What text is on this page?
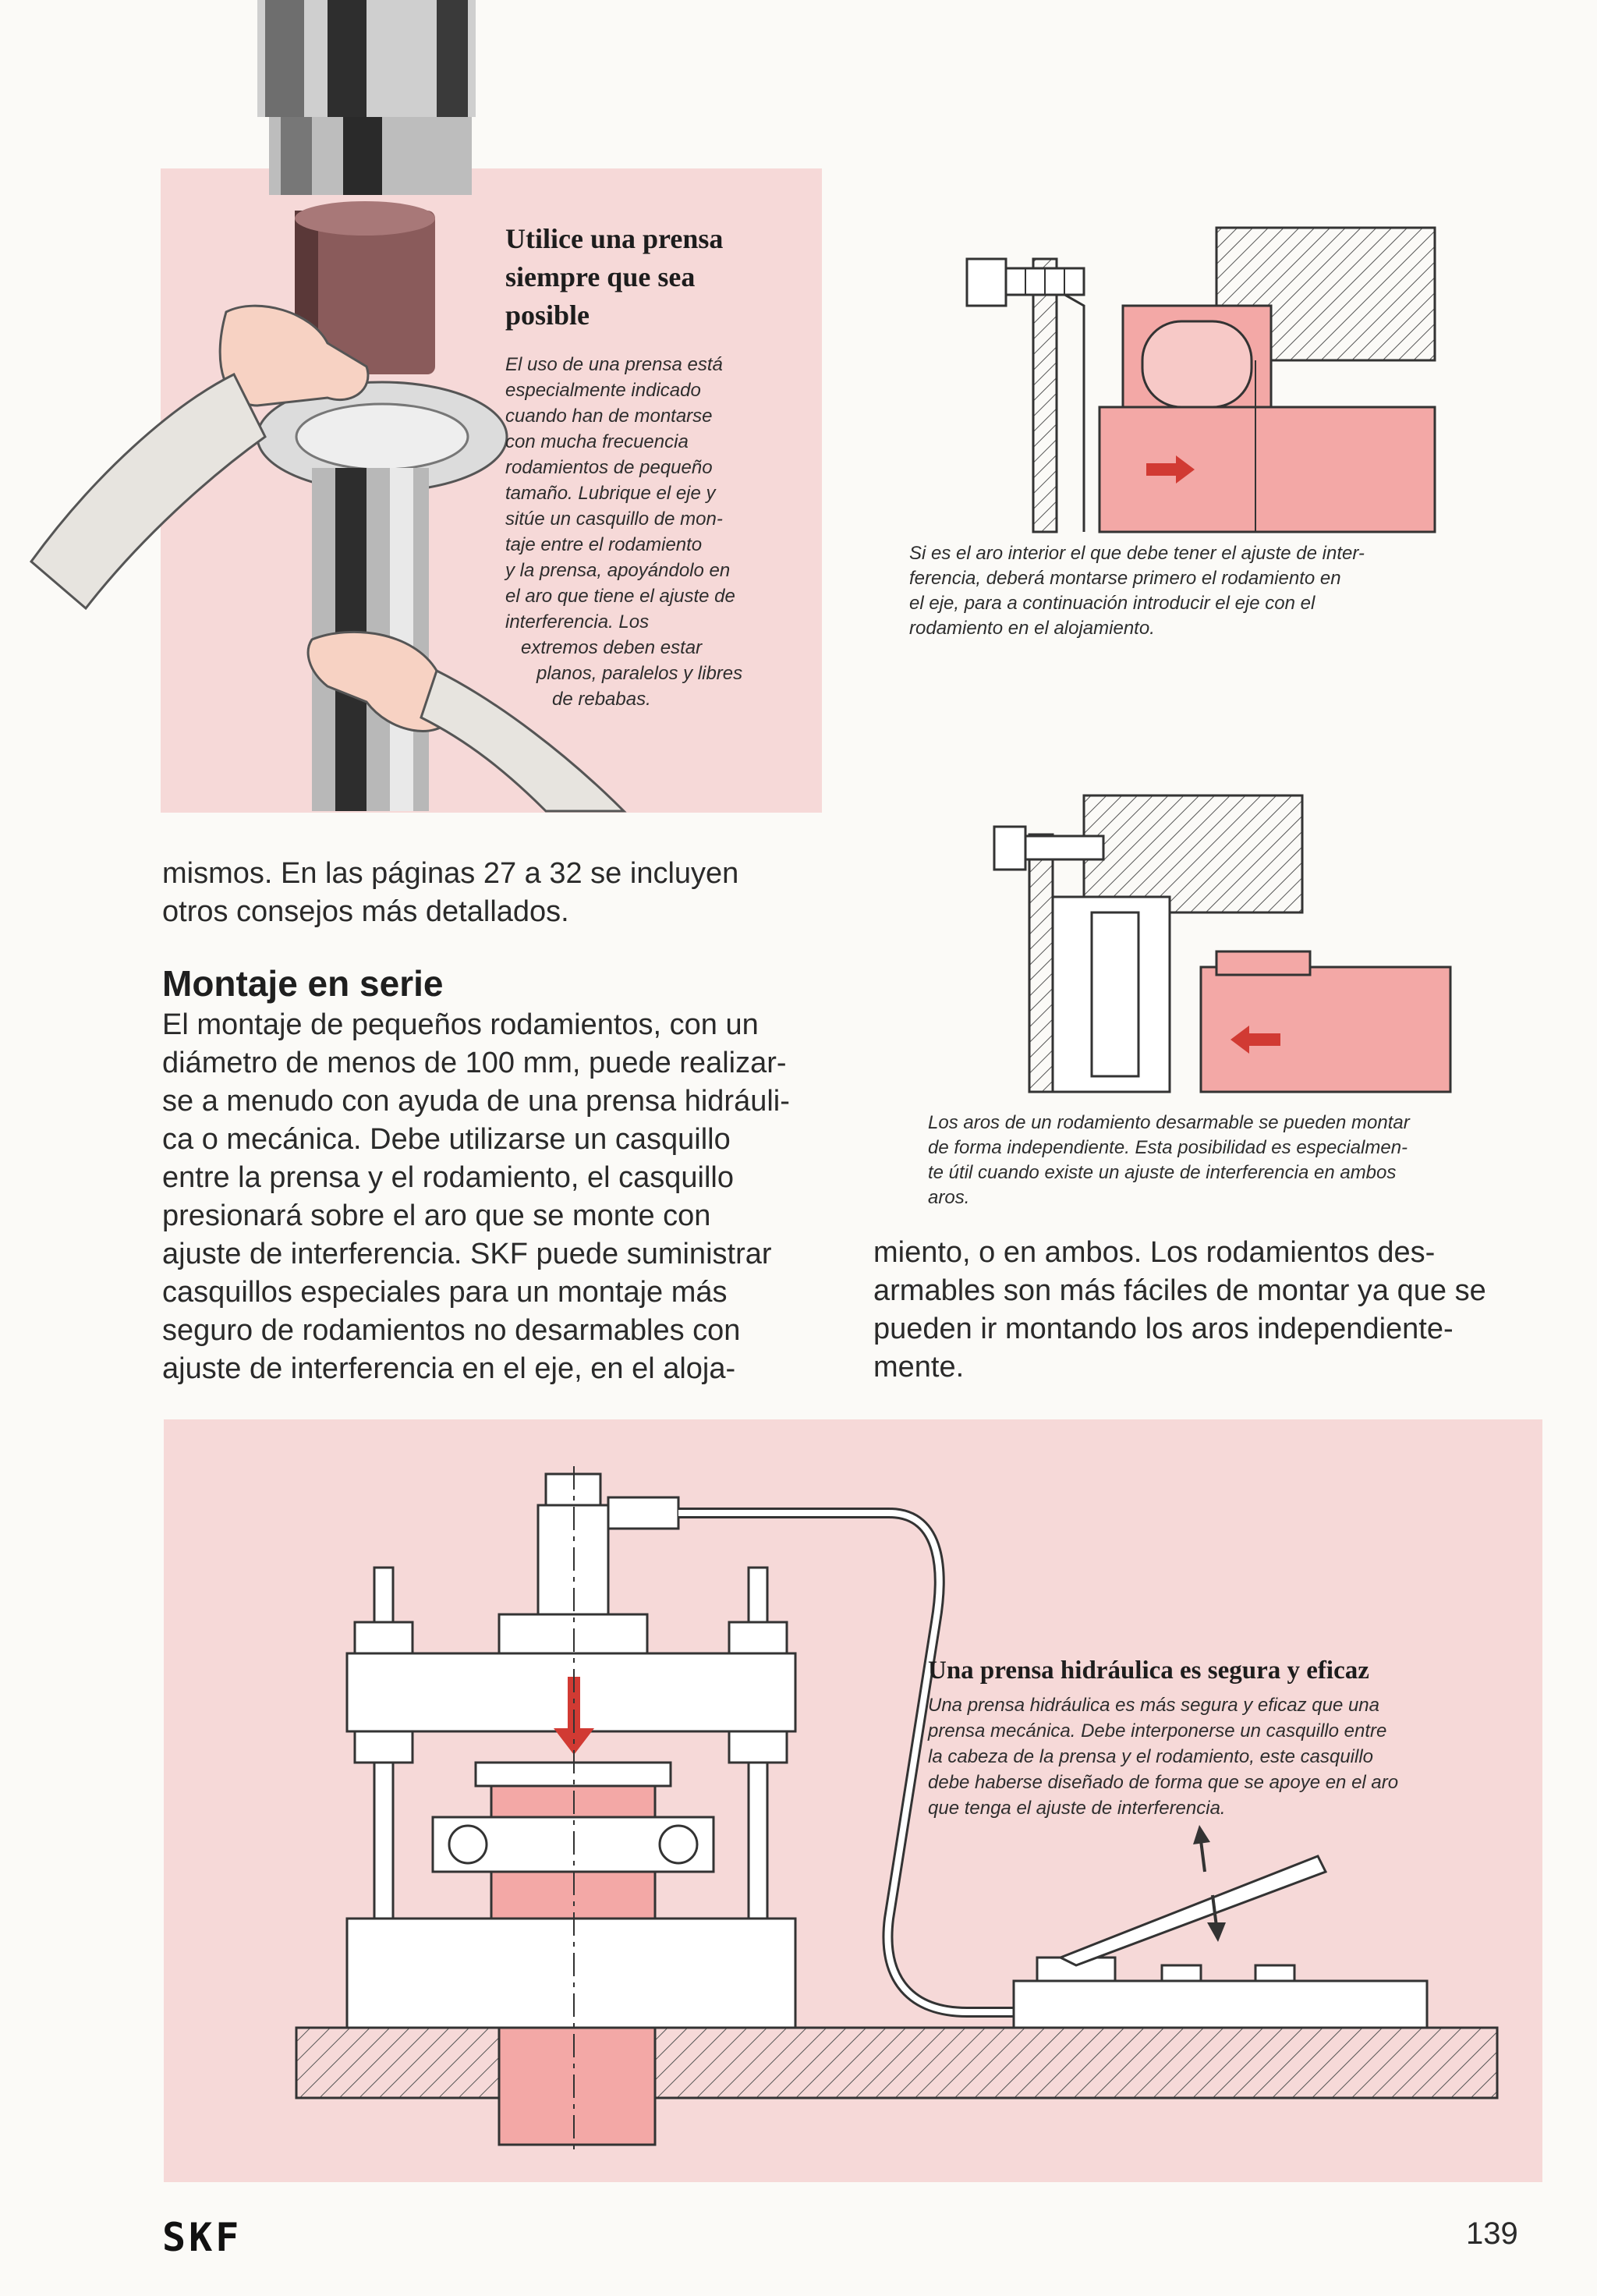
Utilice una prensa
siempre que sea
posible
El uso de una prensa está
especialmente indicado
cuando han de montarse
con mucha frecuencia
rodamientos de pequeño
tamaño. Lubrique el eje y
sitúe un casquillo de mon-
taje entre el rodamiento
y la prensa, apoyándolo en
el aro que tiene el ajuste de
interferencia. Los
extremos deben estar
planos, paralelos y libres
de rebabas.
Si es el aro interior el que debe tener el ajuste de inter-
ferencia, deberá montarse primero el rodamiento en
el eje, para a continuación introducir el eje con el
rodamiento en el alojamiento.
Los aros de un rodamiento desarmable se pueden montar
de forma independiente. Esta posibilidad es especialmen-
te útil cuando existe un ajuste de interferencia en ambos
aros.
mismos. En las páginas 27 a 32 se incluyen
otros consejos más detallados.
Montaje en serie
El montaje de pequeños rodamientos, con un
diámetro de menos de 100 mm, puede realizar-
se a menudo con ayuda de una prensa hidráuli-
ca o mecánica. Debe utilizarse un casquillo
entre la prensa y el rodamiento, el casquillo
presionará sobre el aro que se monte con
ajuste de interferencia. SKF puede suministrar
casquillos especiales para un montaje más
seguro de rodamientos no desarmables con
ajuste de interferencia en el eje, en el aloja-
miento, o en ambos. Los rodamientos des-
armables son más fáciles de montar ya que se
pueden ir montando los aros independiente-
mente.
Una prensa hidráulica es segura y eficaz
Una prensa hidráulica es más segura y eficaz que una
prensa mecánica. Debe interponerse un casquillo entre
la cabeza de la prensa y el rodamiento, este casquillo
debe haberse diseñado de forma que se apoye en el aro
que tenga el ajuste de interferencia.
SKF	139
